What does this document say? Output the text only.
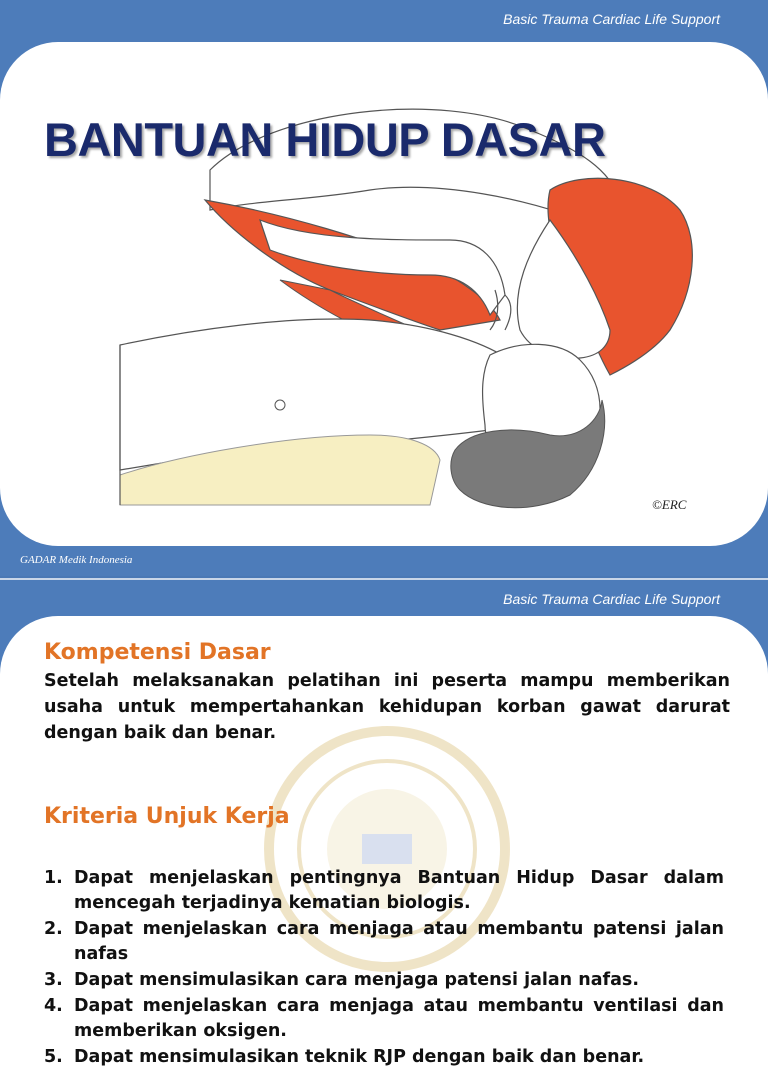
Basic Trauma Cardiac Life Support
BANTUAN HIDUP DASAR
©ERC
GADAR Medik Indonesia
Basic Trauma Cardiac Life Support
Kompetensi Dasar
Setelah melaksanakan pelatihan ini peserta mampu memberikan usaha untuk mempertahankan kehidupan korban gawat darurat dengan baik dan benar.
Kriteria Unjuk Kerja
1. Dapat menjelaskan pentingnya Bantuan Hidup Dasar dalam mencegah terjadinya kematian biologis.
2. Dapat menjelaskan cara menjaga atau membantu patensi jalan nafas
3. Dapat mensimulasikan cara menjaga patensi jalan nafas.
4. Dapat menjelaskan cara menjaga atau membantu ventilasi dan memberikan oksigen.
5. Dapat mensimulasikan teknik RJP dengan baik dan benar.
